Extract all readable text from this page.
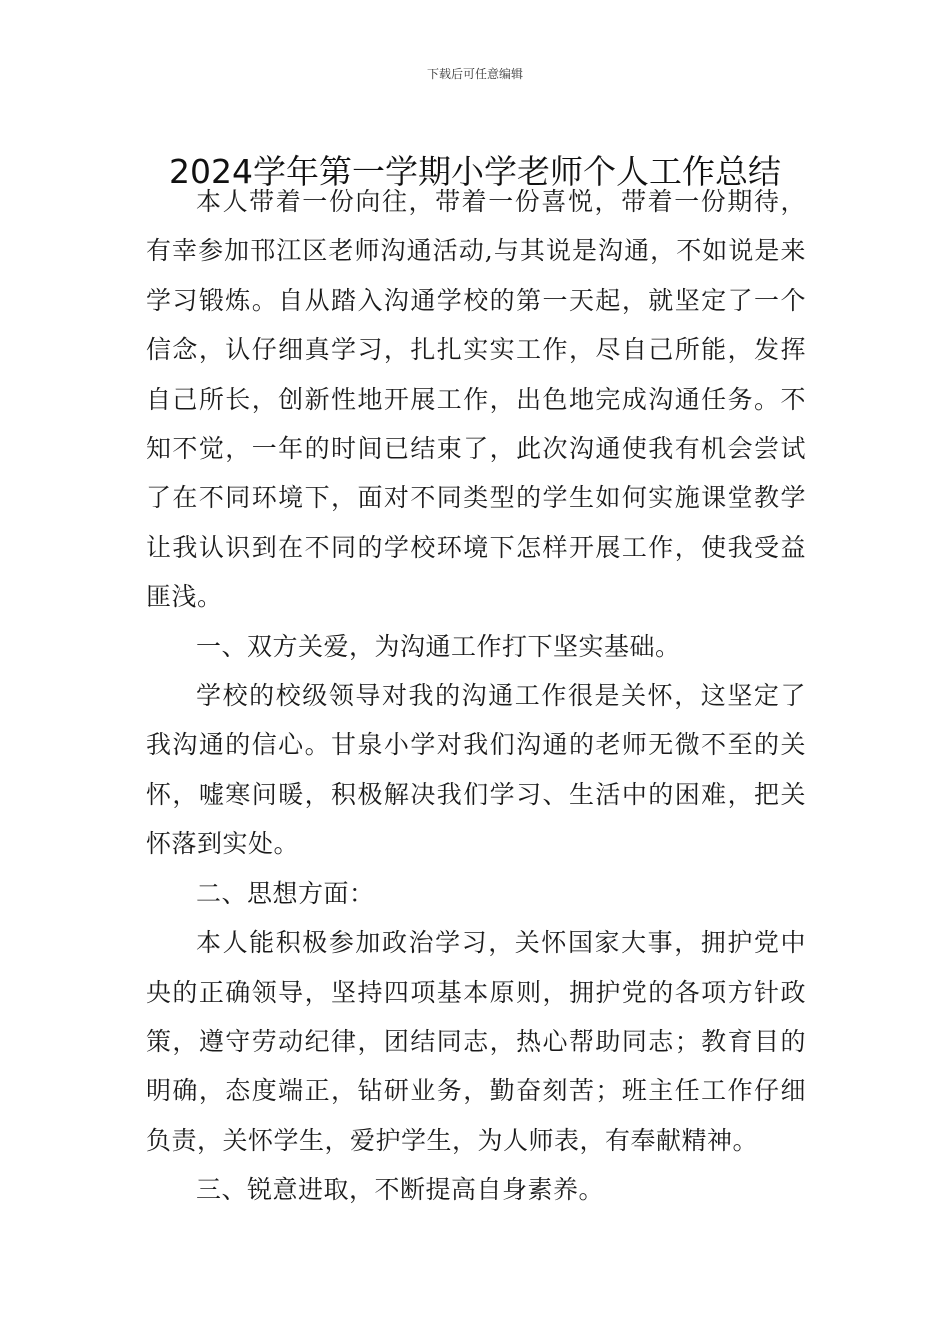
下载后可任意编辑
2024学年第一学期小学老师个人工作总结

本人带着一份向往，带着一份喜悦，带着一份期待，有幸参加邗江区老师沟通活动,与其说是沟通，不如说是来学习锻炼。自从踏入沟通学校的第一天起，就坚定了一个信念，认仔细真学习，扎扎实实工作，尽自己所能，发挥自己所长，创新性地开展工作，出色地完成沟通任务。不知不觉，一年的时间已结束了，此次沟通使我有机会尝试了在不同环境下，面对不同类型的学生如何实施课堂教学让我认识到在不同的学校环境下怎样开展工作，使我受益匪浅。

一、双方关爱，为沟通工作打下坚实基础。

学校的校级领导对我的沟通工作很是关怀，这坚定了我沟通的信心。甘泉小学对我们沟通的老师无微不至的关怀，嘘寒问暖，积极解决我们学习、生活中的困难，把关怀落到实处。

二、思想方面：

本人能积极参加政治学习，关怀国家大事，拥护党中央的正确领导，坚持四项基本原则，拥护党的各项方针政策，遵守劳动纪律，团结同志，热心帮助同志；教育目的明确，态度端正，钻研业务，勤奋刻苦；班主任工作仔细负责，关怀学生，爱护学生，为人师表，有奉献精神。

三、锐意进取，不断提高自身素养。
